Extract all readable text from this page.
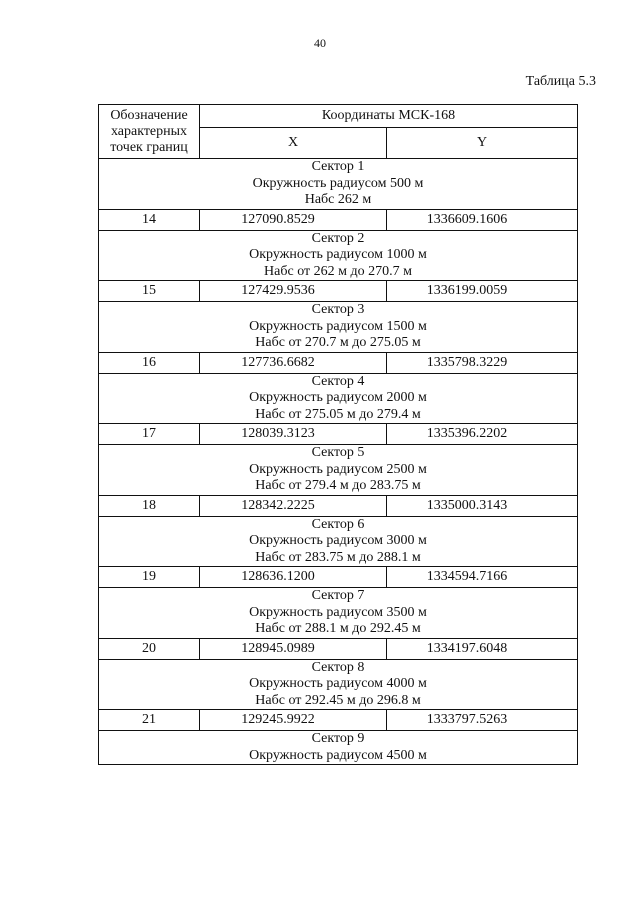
40
Таблица 5.3
Обозначение
характерных
точек границ	Координаты МСК-168	
	X	Y

Сектор 1
Окружность радиусом 500 м
Набс 262 м		

14	127090.8529	1336609.1606

Сектор 2
Окружность радиусом 1000 м
Набс от 262 м до 270.7 м		

15	127429.9536	1336199.0059

Сектор 3
Окружность радиусом 1500 м
Набс от 270.7 м до 275.05 м		

16	127736.6682	1335798.3229

Сектор 4
Окружность радиусом 2000 м
Набс от 275.05 м до 279.4 м		

17	128039.3123	1335396.2202

Сектор 5
Окружность радиусом 2500 м
Набс от 279.4 м до 283.75 м		

18	128342.2225	1335000.3143

Сектор 6
Окружность радиусом 3000 м
Набс от 283.75 м до 288.1 м		

19	128636.1200	1334594.7166

Сектор 7
Окружность радиусом 3500 м
Набс от 288.1 м до 292.45 м		

20	128945.0989	1334197.6048

Сектор 8
Окружность радиусом 4000 м
Набс от 292.45 м до 296.8 м		

21	129245.9922	1333797.5263

Сектор 9
Окружность радиусом 4500 м		
